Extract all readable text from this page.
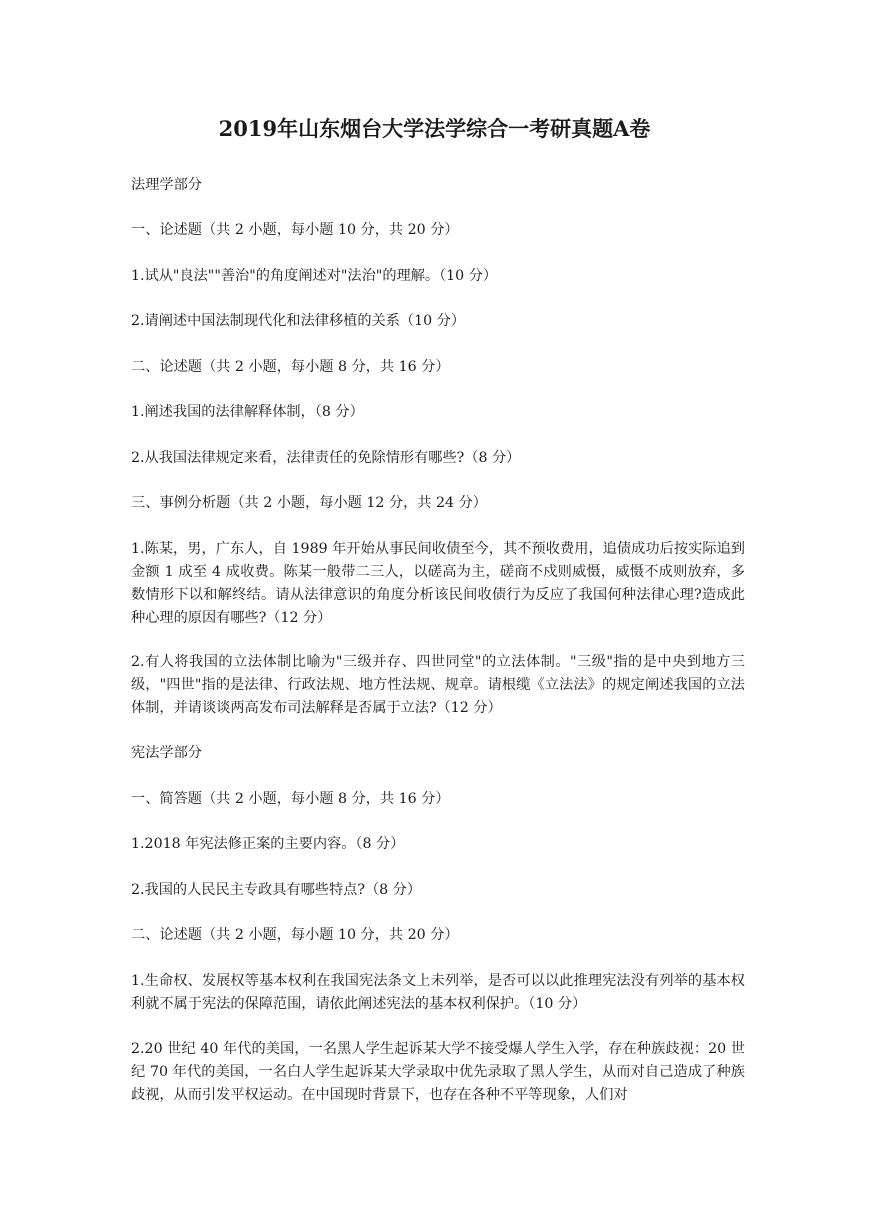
2019年山东烟台大学法学综合一考研真题A卷
法理学部分
一、论述题（共 2 小题，每小题 10 分，共 20 分）
1.试从"良法""善治"的角度阐述对"法治"的理解。（10 分）
2.请阐述中国法制现代化和法律移植的关系（10 分）
二、论述题（共 2 小题，每小题 8 分，共 16 分）
1.阐述我国的法律解释体制，（8 分）
2.从我国法律规定来看，法律责任的免除情形有哪些?（8 分）
三、事例分析题（共 2 小题，每小题 12 分，共 24 分）
1.陈某，男，广东人，自 1989 年开始从事民间收债至今，其不预收费用，追债成功后按实际追到金额 1 成至 4 成收费。陈某一般带二三人，以磋高为主，磋商不戍则威慑，威慑不成则放弃，多数情形下以和解终结。请从法律意识的角度分析该民间收债行为反应了我国何种法律心理?造成此种心理的原因有哪些?（12 分）
2.有人将我国的立法体制比喻为"三级并存、四世同堂"的立法体制。"三级"指的是中央到地方三级，"四世"指的是法律、行政法规、地方性法规、规章。请根缆《立法法》的规定阐述我国的立法体制，并请谈谈两高发布司法解释是否属于立法?（12 分）
宪法学部分
一、简答题（共 2 小题，每小题 8 分，共 16 分）
1.2018 年宪法修正案的主要内容。（8 分）
2.我国的人民民主专政具有哪些特点?（8 分）
二、论述题（共 2 小题，每小题 10 分，共 20 分）
1.生命权、发展权等基本权利在我国宪法条文上未列举，是否可以以此推理宪法没有列举的基本权利就不属于宪法的保障范围，请依此阐述宪法的基本权利保护。（10 分）
2.20 世纪 40 年代的美国，一名黑人学生起诉某大学不接受爆人学生入学，存在种族歧视：20 世纪 70 年代的美国，一名白人学生起诉某大学录取中优先录取了黑人学生，从而对自己造成了种族歧视，从而引发平权运动。在中国现时背景下，也存在各种不平等现象，人们对
